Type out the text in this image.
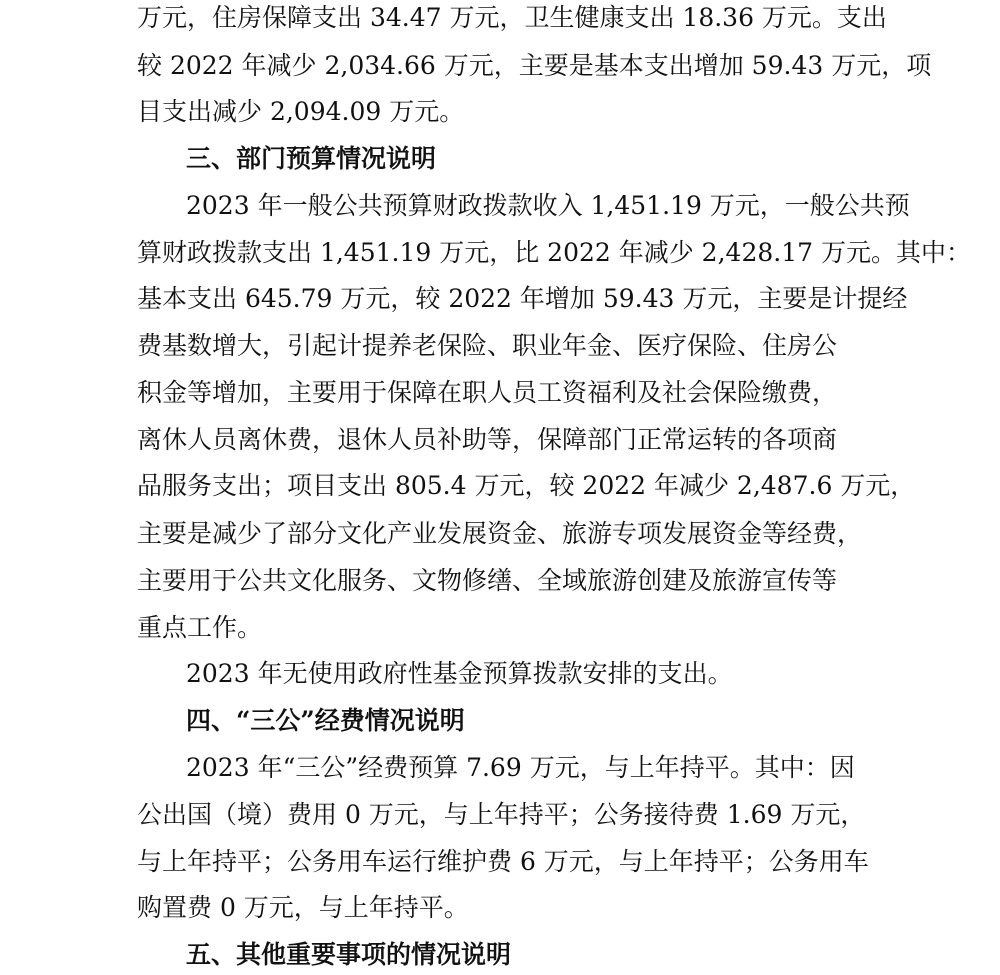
万元，住房保障支出 34.47 万元，卫生健康支出 18.36 万元。支出
较 2022 年减少 2,034.66 万元，主要是基本支出增加 59.43 万元，项
目支出减少 2,094.09 万元。
三、部门预算情况说明
2023 年一般公共预算财政拨款收入 1,451.19 万元，一般公共预
算财政拨款支出 1,451.19 万元，比 2022 年减少 2,428.17 万元。其中：
基本支出 645.79 万元，较 2022 年增加 59.43 万元，主要是计提经
费基数增大，引起计提养老保险、职业年金、医疗保险、住房公
积金等增加，主要用于保障在职人员工资福利及社会保险缴费，
离休人员离休费，退休人员补助等，保障部门正常运转的各项商
品服务支出；项目支出 805.4 万元，较 2022 年减少 2,487.6 万元，
主要是减少了部分文化产业发展资金、旅游专项发展资金等经费，
主要用于公共文化服务、文物修缮、全域旅游创建及旅游宣传等
重点工作。
2023 年无使用政府性基金预算拨款安排的支出。
四、“三公”经费情况说明
2023 年“三公”经费预算 7.69 万元，与上年持平。其中：因
公出国（境）费用 0 万元，与上年持平；公务接待费 1.69 万元，
与上年持平；公务用车运行维护费 6 万元，与上年持平；公务用车
购置费 0 万元，与上年持平。
五、其他重要事项的情况说明
